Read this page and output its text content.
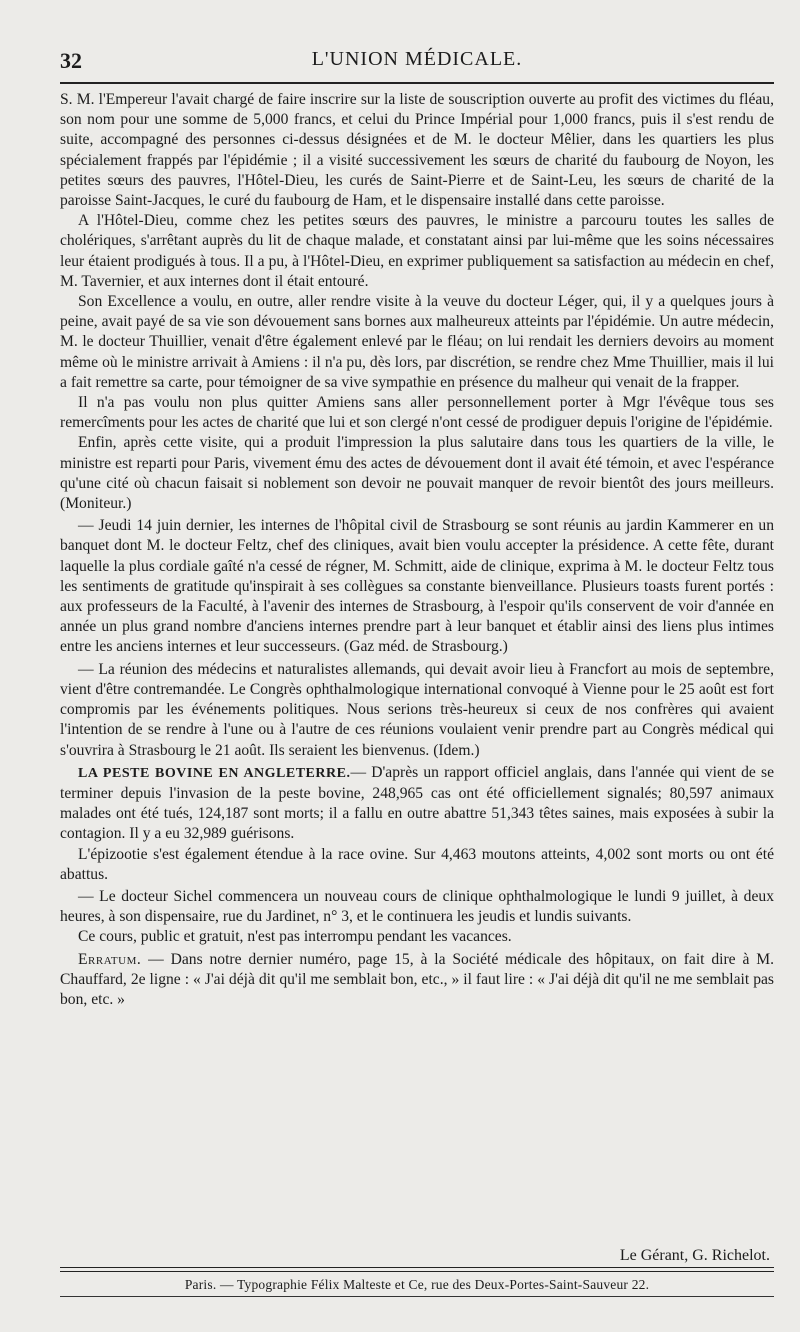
32	L'UNION MÉDICALE.

S. M. l'Empereur l'avait chargé de faire inscrire sur la liste de souscription ouverte au profit des victimes du fléau, son nom pour une somme de 5,000 francs, et celui du Prince Impérial pour 1,000 francs, puis il s'est rendu de suite, accompagné des personnes ci-dessus désignées et de M. le docteur Mêlier, dans les quartiers les plus spécialement frappés par l'épidémie ; il a visité successivement les sœurs de charité du faubourg de Noyon, les petites sœurs des pauvres, l'Hôtel-Dieu, les curés de Saint-Pierre et de Saint-Leu, les sœurs de charité de la paroisse Saint-Jacques, le curé du faubourg de Ham, et le dispensaire installé dans cette paroisse.

A l'Hôtel-Dieu, comme chez les petites sœurs des pauvres, le ministre a parcouru toutes les salles de cholériques, s'arrêtant auprès du lit de chaque malade, et constatant ainsi par lui-même que les soins nécessaires leur étaient prodigués à tous. Il a pu, à l'Hôtel-Dieu, en exprimer publiquement sa satisfaction au médecin en chef, M. Tavernier, et aux internes dont il était entouré.

Son Excellence a voulu, en outre, aller rendre visite à la veuve du docteur Léger, qui, il y a quelques jours à peine, avait payé de sa vie son dévouement sans bornes aux malheureux atteints par l'épidémie. Un autre médecin, M. le docteur Thuillier, venait d'être également enlevé par le fléau; on lui rendait les derniers devoirs au moment même où le ministre arrivait à Amiens : il n'a pu, dès lors, par discrétion, se rendre chez Mme Thuillier, mais il lui a fait remettre sa carte, pour témoigner de sa vive sympathie en présence du malheur qui venait de la frapper.

Il n'a pas voulu non plus quitter Amiens sans aller personnellement porter à Mgr l'évêque tous ses remercîments pour les actes de charité que lui et son clergé n'ont cessé de prodiguer depuis l'origine de l'épidémie.

Enfin, après cette visite, qui a produit l'impression la plus salutaire dans tous les quartiers de la ville, le ministre est reparti pour Paris, vivement ému des actes de dévouement dont il avait été témoin, et avec l'espérance qu'une cité où chacun faisait si noblement son devoir ne pouvait manquer de revoir bientôt des jours meilleurs. (Moniteur.)

— Jeudi 14 juin dernier, les internes de l'hôpital civil de Strasbourg se sont réunis au jardin Kammerer en un banquet dont M. le docteur Feltz, chef des cliniques, avait bien voulu accepter la présidence. A cette fête, durant laquelle la plus cordiale gaîté n'a cessé de régner, M. Schmitt, aide de clinique, exprima à M. le docteur Feltz tous les sentiments de gratitude qu'inspirait à ses collègues sa constante bienveillance. Plusieurs toasts furent portés : aux professeurs de la Faculté, à l'avenir des internes de Strasbourg, à l'espoir qu'ils conservent de voir d'année en année un plus grand nombre d'anciens internes prendre part à leur banquet et établir ainsi des liens plus intimes entre les anciens internes et leur successeurs. (Gaz méd. de Strasbourg.)

— La réunion des médecins et naturalistes allemands, qui devait avoir lieu à Francfort au mois de septembre, vient d'être contremandée. Le Congrès ophthalmologique international convoqué à Vienne pour le 25 août est fort compromis par les événements politiques. Nous serions très-heureux si ceux de nos confrères qui avaient l'intention de se rendre à l'une ou à l'autre de ces réunions voulaient venir prendre part au Congrès médical qui s'ouvrira à Strasbourg le 21 août. Ils seraient les bienvenus. (Idem.)

LA PESTE BOVINE EN ANGLETERRE.— D'après un rapport officiel anglais, dans l'année qui vient de se terminer depuis l'invasion de la peste bovine, 248,965 cas ont été officiellement signalés; 80,597 animaux malades ont été tués, 124,187 sont morts; il a fallu en outre abattre 51,343 têtes saines, mais exposées à subir la contagion. Il y a eu 32,989 guérisons.

L'épizootie s'est également étendue à la race ovine. Sur 4,463 moutons atteints, 4,002 sont morts ou ont été abattus.

— Le docteur Sichel commencera un nouveau cours de clinique ophthalmologique le lundi 9 juillet, à deux heures, à son dispensaire, rue du Jardinet, n° 3, et le continuera les jeudis et lundis suivants.

Ce cours, public et gratuit, n'est pas interrompu pendant les vacances.

Erratum. — Dans notre dernier numéro, page 15, à la Société médicale des hôpitaux, on fait dire à M. Chauffard, 2e ligne : « J'ai déjà dit qu'il me semblait bon, etc., » il faut lire : « J'ai déjà dit qu'il ne me semblait pas bon, etc. »

Le Gérant, G. Richelot.
Paris. — Typographie Félix Malteste et Ce, rue des Deux-Portes-Saint-Sauveur 22.
